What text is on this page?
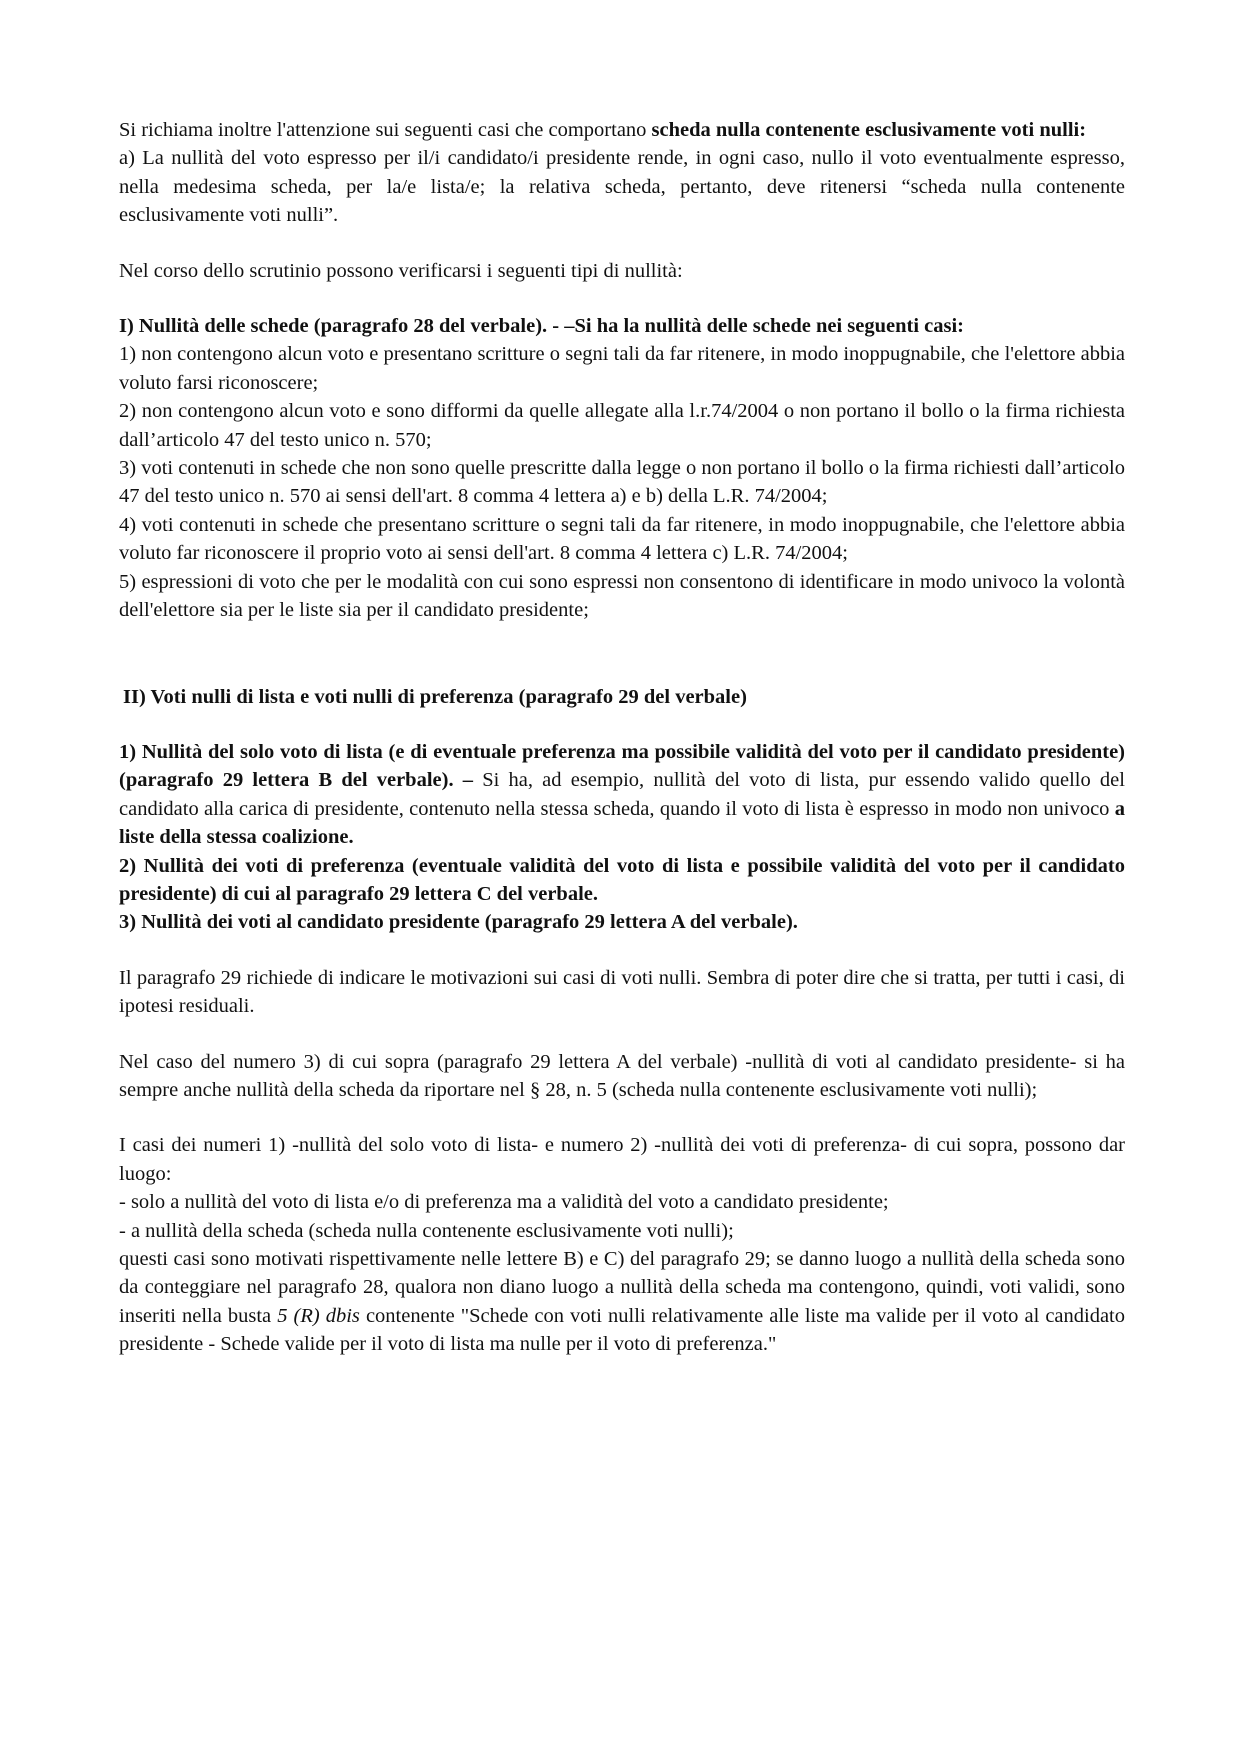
Si richiama inoltre l'attenzione sui seguenti casi che comportano scheda nulla contenente esclusivamente voti nulli:

a) La nullità del voto espresso per il/i candidato/i presidente rende, in ogni caso, nullo il voto eventualmente espresso, nella medesima scheda, per la/e lista/e; la relativa scheda, pertanto, deve ritenersi “scheda nulla contenente esclusivamente voti nulli”.

Nel corso dello scrutinio possono verificarsi i seguenti tipi di nullità:

I) Nullità delle schede (paragrafo 28 del verbale). - –Si ha la nullità delle schede nei seguenti casi:

1) non contengono alcun voto e presentano scritture o segni tali da far ritenere, in modo inoppugnabile, che l'elettore abbia voluto farsi riconoscere;

2) non contengono alcun voto e sono difformi da quelle allegate alla l.r.74/2004 o non portano il bollo o la firma richiesta dall’articolo 47 del testo unico n. 570;

3) voti contenuti in schede che non sono quelle prescritte dalla legge o non portano il bollo o la firma richiesti dall’articolo 47 del testo unico n. 570 ai sensi dell'art. 8 comma 4 lettera a) e b) della L.R. 74/2004;

4) voti contenuti in schede che presentano scritture o segni tali da far ritenere, in modo inoppugnabile, che l'elettore abbia voluto far riconoscere il proprio voto ai sensi dell'art. 8 comma 4 lettera c) L.R. 74/2004;

5) espressioni di voto che per le modalità con cui sono espressi non consentono di identificare in modo univoco la volontà dell'elettore sia per le liste sia per il candidato presidente;

II) Voti nulli di lista e voti nulli di preferenza (paragrafo 29 del verbale)

1) Nullità del solo voto di lista (e di eventuale preferenza ma possibile validità del voto per il candidato presidente) (paragrafo 29 lettera B del verbale). – Si ha, ad esempio, nullità del voto di lista, pur essendo valido quello del candidato alla carica di presidente, contenuto nella stessa scheda, quando il voto di lista è espresso in modo non univoco a liste della stessa coalizione.

2) Nullità dei voti di preferenza (eventuale validità del voto di lista e possibile validità del voto per il candidato presidente) di cui al paragrafo 29 lettera C del verbale.

3) Nullità dei voti al candidato presidente (paragrafo 29 lettera A del verbale).

Il paragrafo 29 richiede di indicare le motivazioni sui casi di voti nulli. Sembra di poter dire che si tratta, per tutti i casi, di ipotesi residuali.

Nel caso del numero 3) di cui sopra (paragrafo 29 lettera A del verbale) -nullità di voti al candidato presidente- si ha sempre anche nullità della scheda da riportare nel § 28, n. 5 (scheda nulla contenente esclusivamente voti nulli);

I casi dei numeri 1) -nullità del solo voto di lista- e numero 2) -nullità dei voti di preferenza- di cui sopra, possono dar luogo:

- solo a nullità del voto di lista e/o di preferenza ma a validità del voto a candidato presidente;

- a nullità della scheda (scheda nulla contenente esclusivamente voti nulli);

questi casi sono motivati rispettivamente nelle lettere B) e C) del paragrafo 29; se danno luogo a nullità della scheda sono da conteggiare nel paragrafo 28, qualora non diano luogo a nullità della scheda ma contengono, quindi, voti validi, sono inseriti nella busta 5 (R) dbis contenente "Schede con voti nulli relativamente alle liste ma valide per il voto al candidato presidente - Schede valide per il voto di lista ma nulle per il voto di preferenza."
